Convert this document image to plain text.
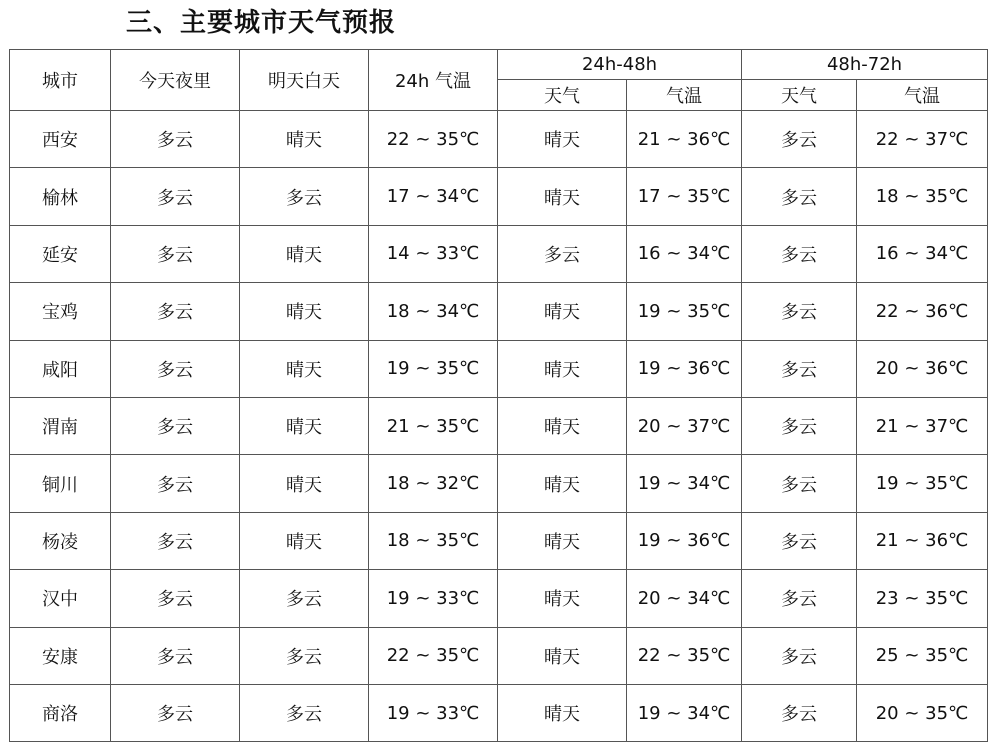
三、主要城市天气预报
城市	今天夜里	明天白天	24h 气温	24h-48h		48h-72h	
				天气	气温	天气	气温
西安	多云	晴天	22 ~ 35℃	晴天	21 ~ 36℃	多云	22 ~ 37℃
榆林	多云	多云	17 ~ 34℃	晴天	17 ~ 35℃	多云	18 ~ 35℃
延安	多云	晴天	14 ~ 33℃	多云	16 ~ 34℃	多云	16 ~ 34℃
宝鸡	多云	晴天	18 ~ 34℃	晴天	19 ~ 35℃	多云	22 ~ 36℃
咸阳	多云	晴天	19 ~ 35℃	晴天	19 ~ 36℃	多云	20 ~ 36℃
渭南	多云	晴天	21 ~ 35℃	晴天	20 ~ 37℃	多云	21 ~ 37℃
铜川	多云	晴天	18 ~ 32℃	晴天	19 ~ 34℃	多云	19 ~ 35℃
杨凌	多云	晴天	18 ~ 35℃	晴天	19 ~ 36℃	多云	21 ~ 36℃
汉中	多云	多云	19 ~ 33℃	晴天	20 ~ 34℃	多云	23 ~ 35℃
安康	多云	多云	22 ~ 35℃	晴天	22 ~ 35℃	多云	25 ~ 35℃
商洛	多云	多云	19 ~ 33℃	晴天	19 ~ 34℃	多云	20 ~ 35℃
